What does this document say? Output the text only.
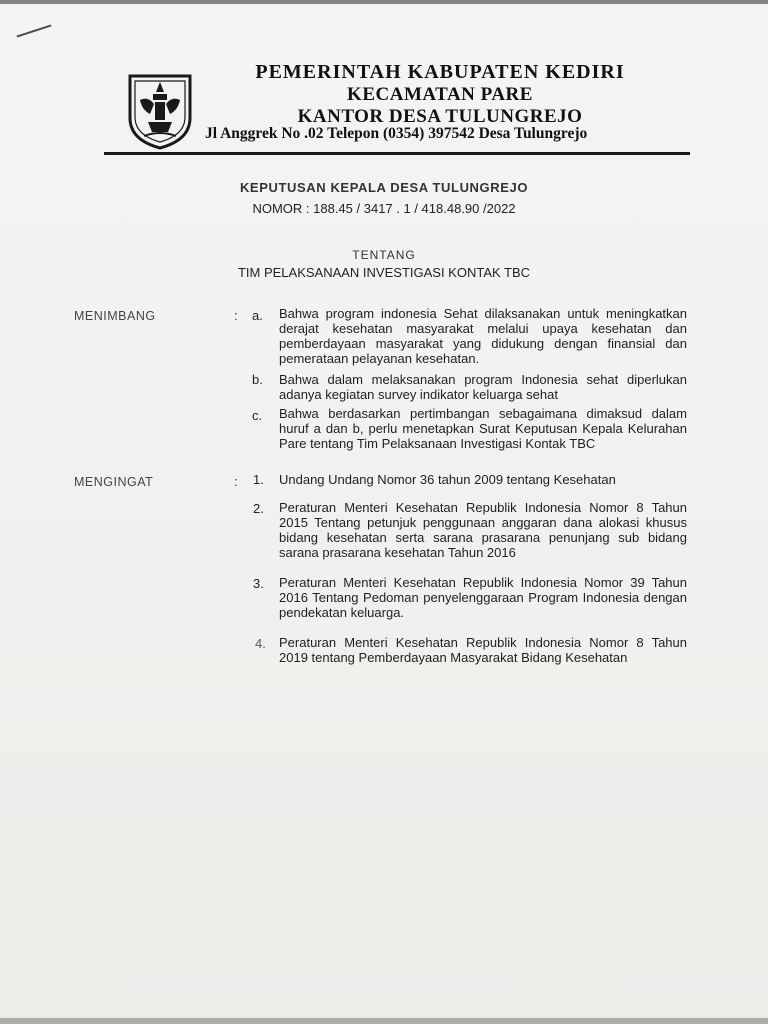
PEMERINTAH KABUPATEN KEDIRI
KECAMATAN PARE
KANTOR DESA TULUNGREJO
Jl Anggrek No .02 Telepon (0354) 397542 Desa Tulungrejo
KEPUTUSAN KEPALA DESA TULUNGREJO
NOMOR : 188.45 / 3417 . 1 / 418.48.90 /2022
TENTANG
TIM PELAKSANAAN INVESTIGASI KONTAK TBC
MENIMBANG	: a. Bahwa program indonesia Sehat dilaksanakan untuk meningkatkan derajat kesehatan masyarakat melalui upaya kesehatan dan pemberdayaan masyarakat yang didukung dengan finansial dan pemerataan pelayanan kesehatan.
b. Bahwa dalam melaksanakan program Indonesia sehat diperlukan adanya kegiatan survey indikator keluarga sehat
c. Bahwa berdasarkan pertimbangan sebagaimana dimaksud dalam huruf a dan b, perlu menetapkan Surat Keputusan Kepala Kelurahan Pare tentang Tim Pelaksanaan Investigasi Kontak TBC
MENGINGAT	: 1. Undang Undang Nomor 36 tahun 2009 tentang Kesehatan
2. Peraturan Menteri Kesehatan Republik Indonesia Nomor 8 Tahun 2015 Tentang petunjuk penggunaan anggaran dana alokasi khusus bidang kesehatan serta sarana prasarana penunjang sub bidang sarana prasarana kesehatan Tahun 2016
3. Peraturan Menteri Kesehatan Republik Indonesia Nomor 39 Tahun 2016 Tentang Pedoman penyelenggaraan Program Indonesia dengan pendekatan keluarga.
4. Peraturan Menteri Kesehatan Republik Indonesia Nomor 8 Tahun 2019 tentang Pemberdayaan Masyarakat Bidang Kesehatan
